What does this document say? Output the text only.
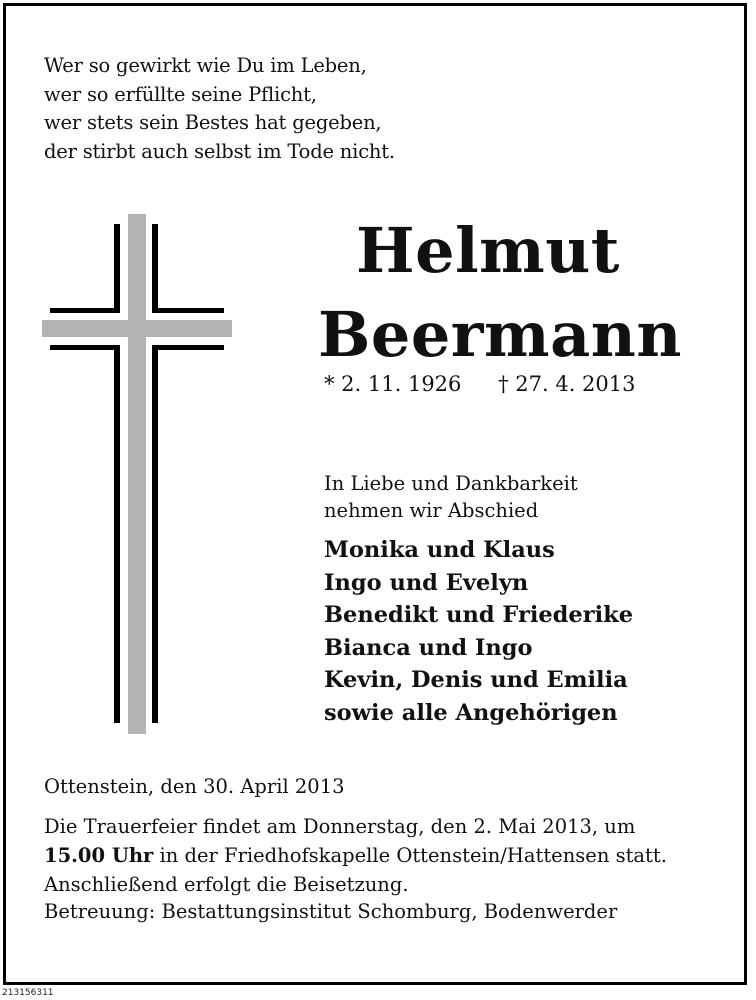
Wer so gewirkt wie Du im Leben,
wer so erfüllte seine Pflicht,
wer stets sein Bestes hat gegeben,
der stirbt auch selbst im Tode nicht.
Helmut
Beermann
* 2. 11. 1926 † 27. 4. 2013
In Liebe und Dankbarkeit
nehmen wir Abschied
Monika und Klaus
Ingo und Evelyn
Benedikt und Friederike
Bianca und Ingo
Kevin, Denis und Emilia
sowie alle Angehörigen
Ottenstein, den 30. April 2013
Die Trauerfeier findet am Donnerstag, den 2. Mai 2013, um
15.00 Uhr in der Friedhofskapelle Ottenstein/Hattensen statt.
Anschließend erfolgt die Beisetzung.
Betreuung: Bestattungsinstitut Schomburg, Bodenwerder
213156311
